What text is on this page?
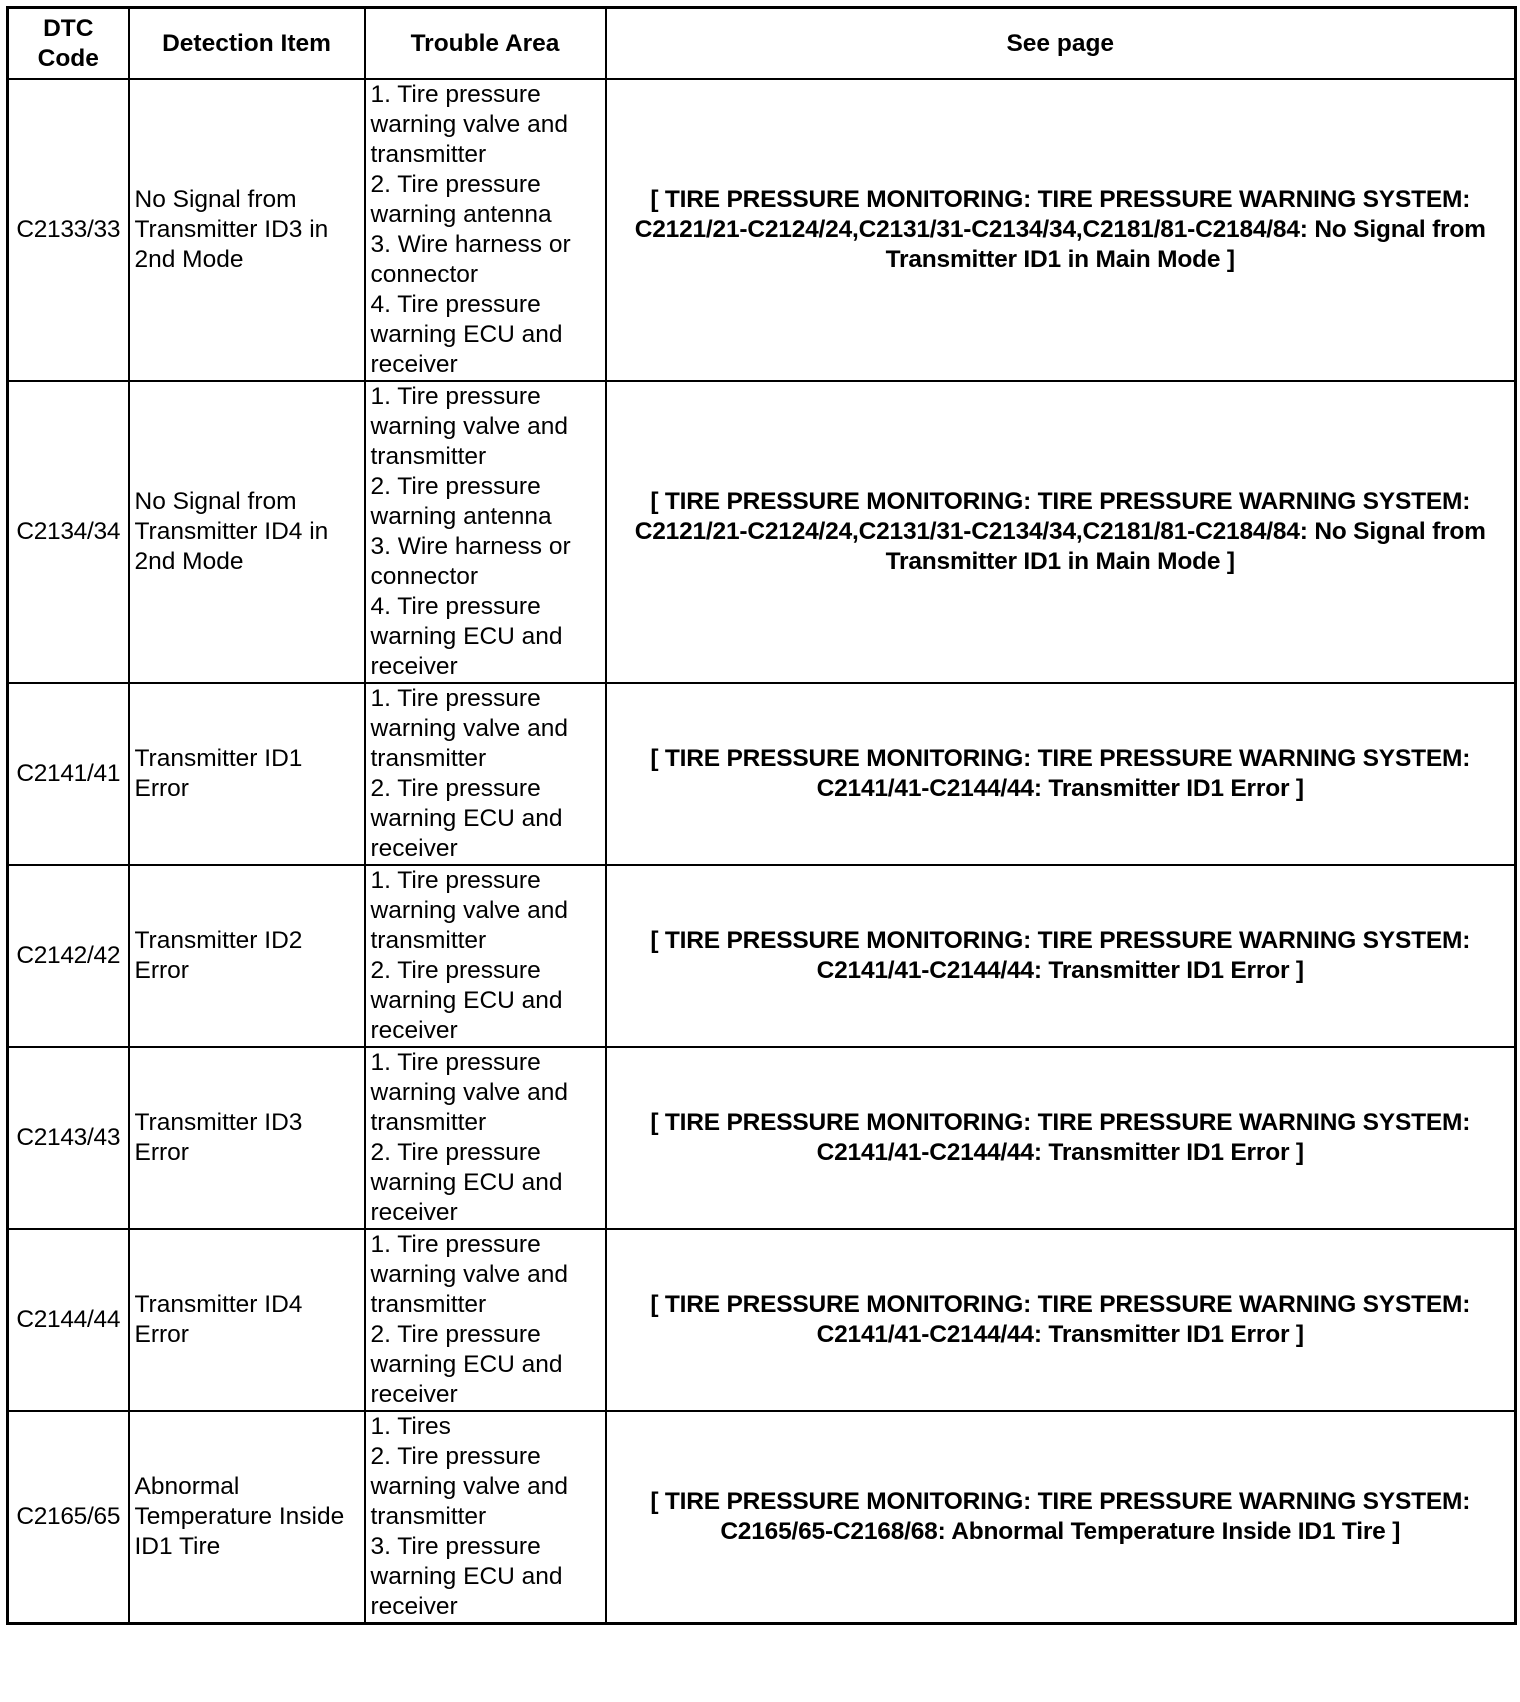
DTC Code	Detection Item	Trouble Area	See page
C2133/33	No Signal from Transmitter ID3 in 2nd Mode	1. Tire pressure warning valve and transmitter
2. Tire pressure warning antenna
3. Wire harness or connector
4. Tire pressure warning ECU and receiver	[ TIRE PRESSURE MONITORING: TIRE PRESSURE WARNING SYSTEM: C2121/21-C2124/24,C2131/31-C2134/34,C2181/81-C2184/84: No Signal from Transmitter ID1 in Main Mode ]
C2134/34	No Signal from Transmitter ID4 in 2nd Mode	1. Tire pressure warning valve and transmitter
2. Tire pressure warning antenna
3. Wire harness or connector
4. Tire pressure warning ECU and receiver	[ TIRE PRESSURE MONITORING: TIRE PRESSURE WARNING SYSTEM: C2121/21-C2124/24,C2131/31-C2134/34,C2181/81-C2184/84: No Signal from Transmitter ID1 in Main Mode ]
C2141/41	Transmitter ID1 Error	1. Tire pressure warning valve and transmitter
2. Tire pressure warning ECU and receiver	[ TIRE PRESSURE MONITORING: TIRE PRESSURE WARNING SYSTEM: C2141/41-C2144/44: Transmitter ID1 Error ]
C2142/42	Transmitter ID2 Error	1. Tire pressure warning valve and transmitter
2. Tire pressure warning ECU and receiver	[ TIRE PRESSURE MONITORING: TIRE PRESSURE WARNING SYSTEM: C2141/41-C2144/44: Transmitter ID1 Error ]
C2143/43	Transmitter ID3 Error	1. Tire pressure warning valve and transmitter
2. Tire pressure warning ECU and receiver	[ TIRE PRESSURE MONITORING: TIRE PRESSURE WARNING SYSTEM: C2141/41-C2144/44: Transmitter ID1 Error ]
C2144/44	Transmitter ID4 Error	1. Tire pressure warning valve and transmitter
2. Tire pressure warning ECU and receiver	[ TIRE PRESSURE MONITORING: TIRE PRESSURE WARNING SYSTEM: C2141/41-C2144/44: Transmitter ID1 Error ]
C2165/65	Abnormal Temperature Inside ID1 Tire	1. Tires
2. Tire pressure warning valve and transmitter
3. Tire pressure warning ECU and receiver	[ TIRE PRESSURE MONITORING: TIRE PRESSURE WARNING SYSTEM: C2165/65-C2168/68: Abnormal Temperature Inside ID1 Tire ]
